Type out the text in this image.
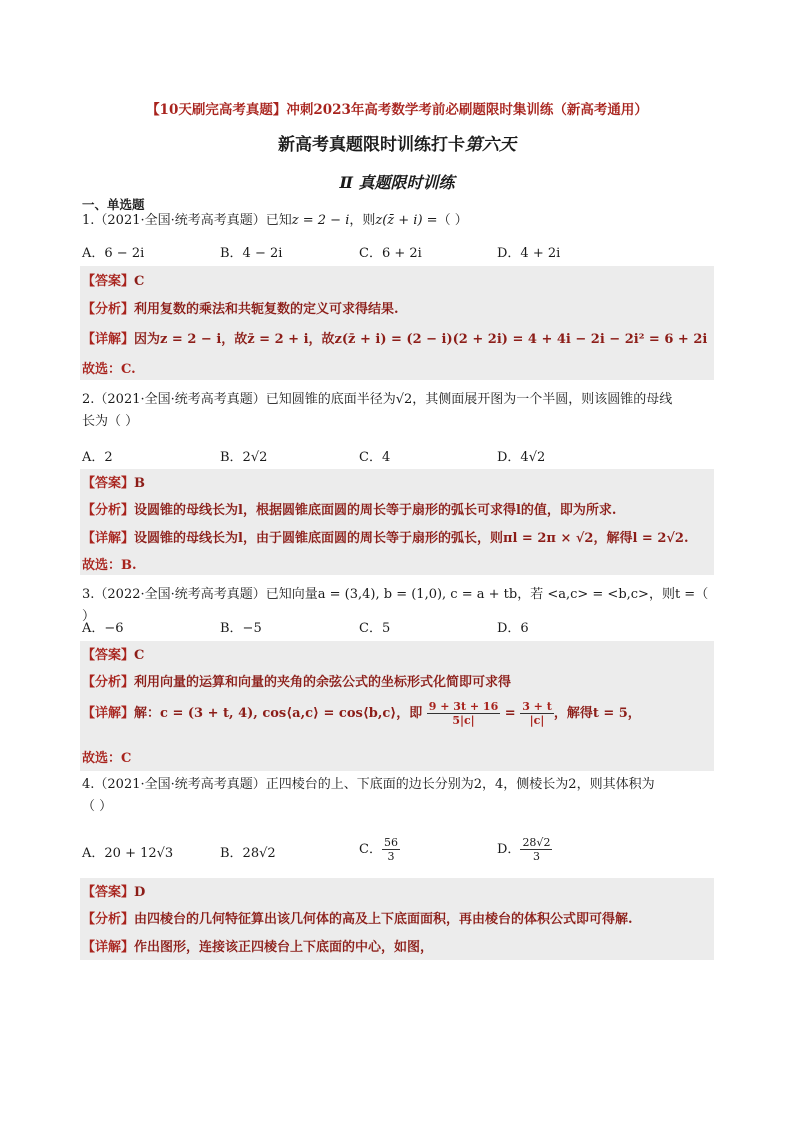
【10天刷完高考真题】冲刺2023年高考数学考前必刷题限时集训练（新高考通用）
新高考真题限时训练打卡第六天
Ⅱ 真题限时训练
一、单选题
1.（2021·全国·统考高考真题）已知z = 2 − i，则z(z̄ + i) =（ ）
A．6 − 2i	B．4 − 2i	C．6 + 2i	D．4 + 2i
【答案】C
【分析】利用复数的乘法和共轭复数的定义可求得结果.
【详解】因为z = 2 − i，故z̄ = 2 + i，故z(z̄ + i) = (2 − i)(2 + 2i) = 4 + 4i − 2i − 2i² = 6 + 2i
故选：C.
2.（2021·全国·统考高考真题）已知圆锥的底面半径为√2，其侧面展开图为一个半圆，则该圆锥的母线
长为（ ）
A．2	B．2√2	C．4	D．4√2
【答案】B
【分析】设圆锥的母线长为l，根据圆锥底面圆的周长等于扇形的弧长可求得l的值，即为所求.
【详解】设圆锥的母线长为l，由于圆锥底面圆的周长等于扇形的弧长，则πl = 2π × √2，解得l = 2√2.
故选：B.
3.（2022·全国·统考高考真题）已知向量a = (3,4), b = (1,0), c = a + tb，若 <a,c> = <b,c>，则t =（ ）
A．−6	B．−5	C．5	D．6
【答案】C
【分析】利用向量的运算和向量的夹角的余弦公式的坐标形式化简即可求得
【详解】解：c = (3 + t, 4), cos⟨a,c⟩ = cos⟨b,c⟩，即 $\frac{9 + 3t + 16}{5|c|} = \frac{3 + t}{|c|}$ ，解得t = 5，
故选：C
4.（2021·全国·统考高考真题）正四棱台的上、下底面的边长分别为2，4，侧棱长为2，则其体积为
（ ）
A．20 + 12√3	B．28√2	C． $\frac{56}{3}$	D． $\frac{28√2}{3}$
【答案】D
【分析】由四棱台的几何特征算出该几何体的高及上下底面面积，再由棱台的体积公式即可得解.
【详解】作出图形，连接该正四棱台上下底面的中心，如图，
